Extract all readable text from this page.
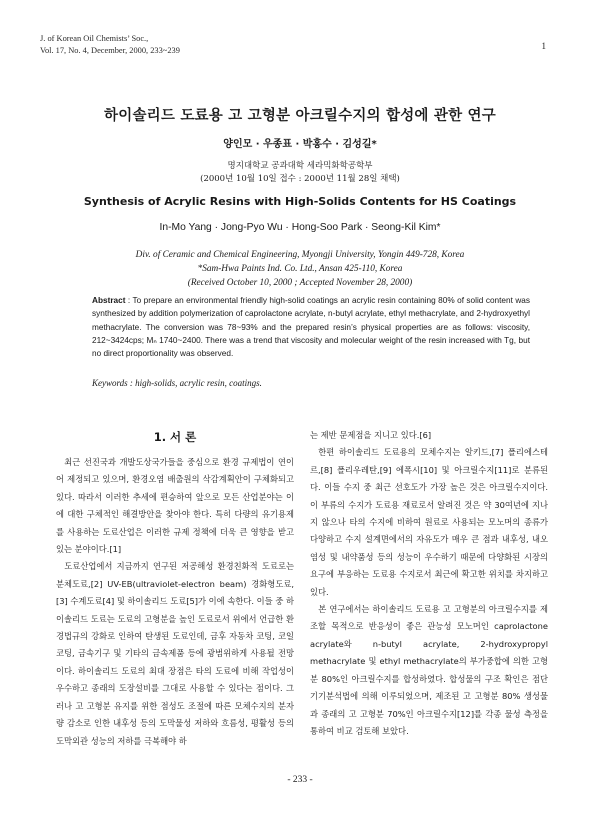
J. of Korean Oil Chemists’ Soc.,
Vol. 17, No. 4, December, 2000, 233~239	1
하이솔리드 도료용 고 고형분 아크릴수지의 합성에 관한 연구
양인모 · 우종표 · 박홍수 · 김성길*
명지대학교 공과대학 세라믹화학공학부
(2000년 10월 10일 접수 : 2000년 11월 28일 채택)
Synthesis of Acrylic Resins with High-Solids Contents for HS Coatings
In-Mo Yang · Jong-Pyo Wu · Hong-Soo Park · Seong-Kil Kim*
Div. of Ceramic and Chemical Engineering, Myongji University, Yongin 449-728, Korea
*Sam-Hwa Paints Ind. Co. Ltd., Ansan 425-110, Korea
(Received October 10, 2000 ; Accepted November 28, 2000)
Abstract : To prepare an environmental friendly high-solid coatings an acrylic resin containing 80% of solid content was synthesized by addition polymerization of caprolactone acrylate, n-butyl acrylate, ethyl methacrylate, and 2-hydroxyethyl methacrylate. The conversion was 78~93% and the prepared resin’s physical properties are as follows: viscosity, 212~3424cps; Mₙ 1740~2400. There was a trend that viscosity and molecular weight of the resin increased with Tg, but no direct proportionality was observed.
Keywords : high-solids, acrylic resin, coatings.
1. 서 론

최근 선진국과 개발도상국가들을 중심으로 환경 규제법이 연이어 제정되고 있으며, 환경오염 배출원의 삭감계획안이 구체화되고 있다. 따라서 이러한 추세에 편승하여 앞으로 모든 산업분야는 이에 대한 구체적인 해결방안을 찾아야 한다. 특히 다량의 유기용제를 사용하는 도료산업은 이러한 규제 정책에 더욱 큰 영향을 받고 있는 분야이다.[1]

도료산업에서 지금까지 연구된 저공해성 환경친화적 도료로는 분체도료,[2] UV-EB(ultraviolet-electron beam) 경화형도료,[3] 수계도료[4] 및 하이솔리드 도료[5]가 이에 속한다. 이들 중 하이솔리드 도료는 도료의 고형분을 높인 도료로서 위에서 언급한 환경법규의 강화로 인하여 탄생된 도료인데, 금후 자동차 코팅, 코일 코팅, 금속기구 및 기타의 금속제품 등에 광범위하게 사용될 전망이다. 하이솔리드 도료의 최대 장점은 타의 도료에 비해 작업성이 우수하고 종래의 도장설비를 그대로 사용할 수 있다는 점이다. 그러나 고 고형분 유지를 위한 점성도 조절에 따른 모체수지의 분자량 감소로 인한 내후성 등의 도막물성 저하와 흐름성, 평활성 등의 도막외관 성능의 저하를 극복해야 하

는 제반 문제점을 지니고 있다.[6]

한편 하이솔리드 도료용의 모체수지는 알키드,[7] 폴리에스테르,[8] 폴리우레탄,[9] 에폭시[10] 및 아크릴수지[11]로 분류된다. 이들 수지 중 최근 선호도가 가장 높은 것은 아크릴수지이다. 이 부류의 수지가 도료용 재료로서 알려진 것은 약 30여년에 지나지 않으나 타의 수지에 비하여 원료로 사용되는 모노머의 종류가 다양하고 수지 설계면에서의 자유도가 매우 큰 점과 내후성, 내오염성 및 내약품성 등의 성능이 우수하기 때문에 다양화된 시장의 요구에 부응하는 도료용 수지로서 최근에 확고한 위치를 차지하고 있다.

본 연구에서는 하이솔리드 도료용 고 고형분의 아크릴수지를 제조할 목적으로 반응성이 좋은 관능성 모노머인 caprolactone acrylate와 n-butyl acrylate, 2-hydroxypropyl methacrylate 및 ethyl methacrylate의 부가중합에 의한 고형분 80%인 아크릴수지를 합성하였다. 합성물의 구조 확인은 점단 기기분석법에 의해 이루되었으며, 제조된 고 고형분 80% 생성물과 종래의 고 고형분 70%인 아크릴수지[12]를 각종 물성 측정을 통하여 비교 검토해 보았다.

- 233 -
